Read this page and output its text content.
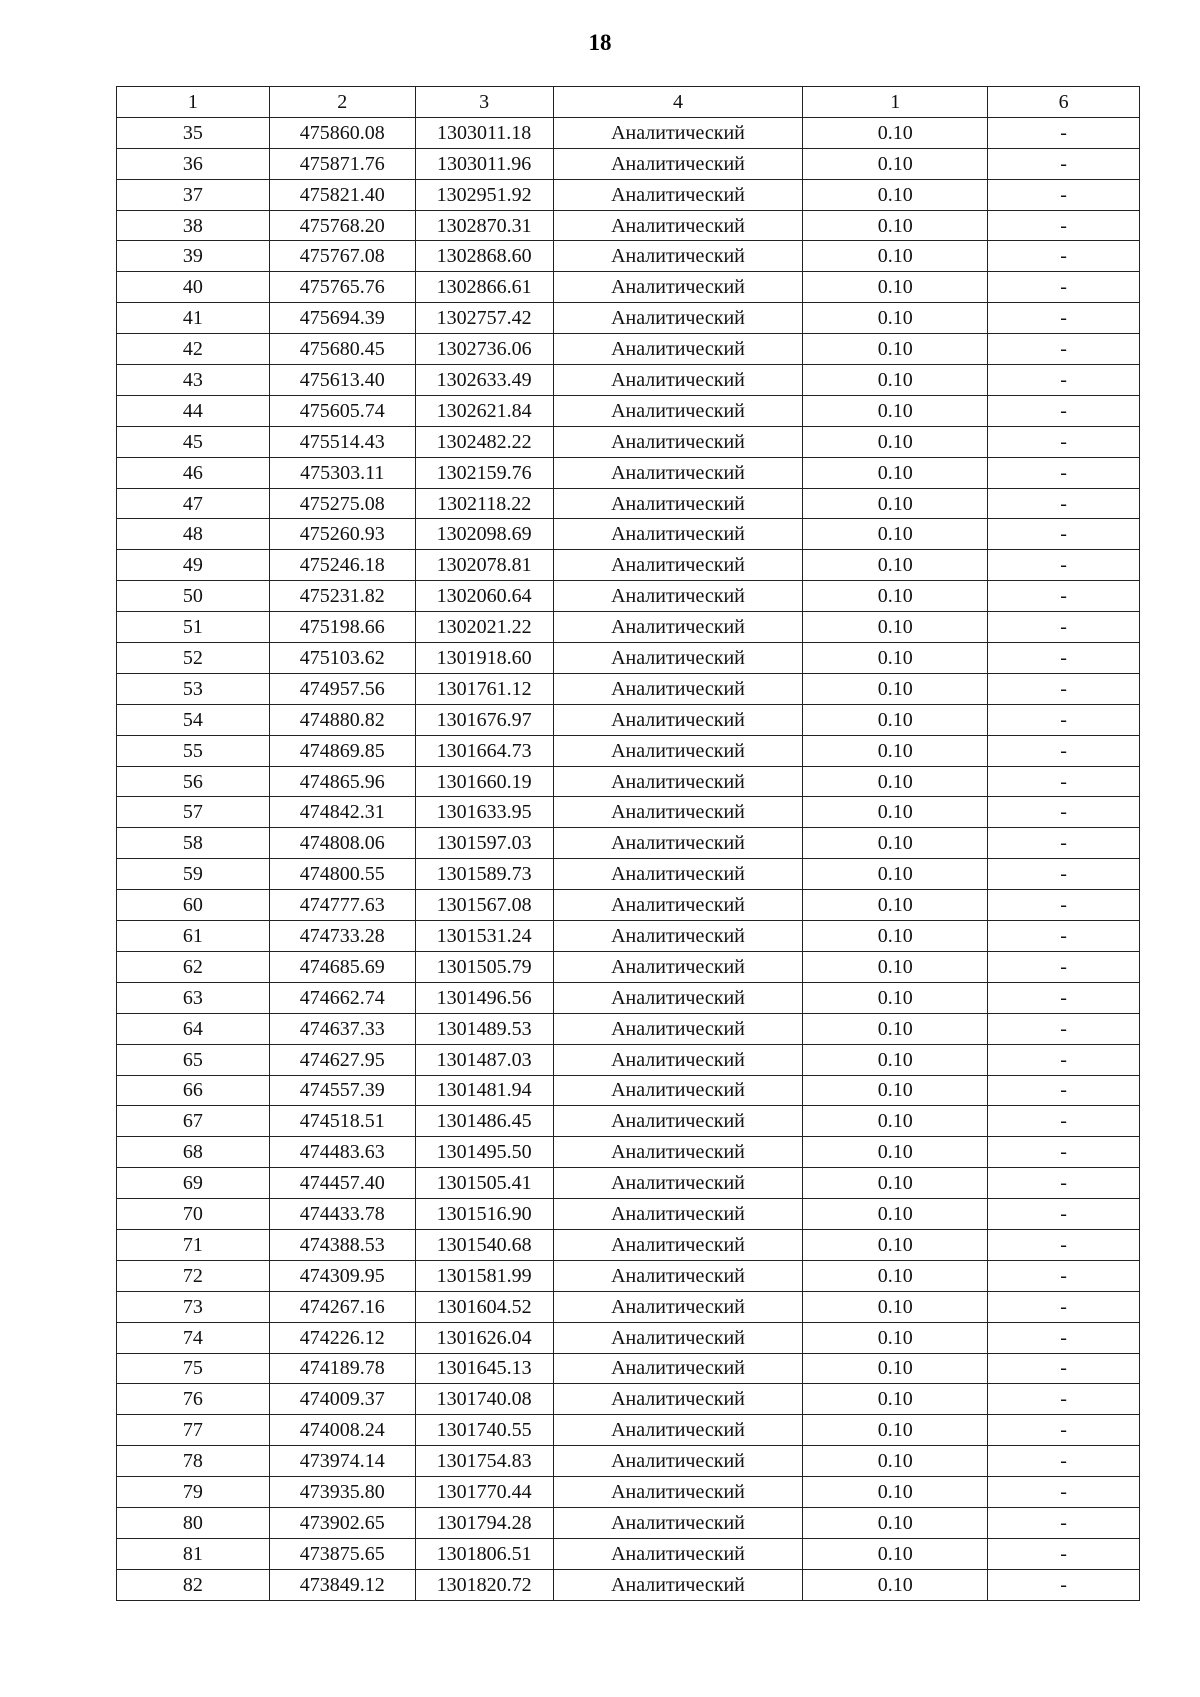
18
1	2	3	4	1	6
35	475860.08	1303011.18	Аналитический	0.10	-
36	475871.76	1303011.96	Аналитический	0.10	-
37	475821.40	1302951.92	Аналитический	0.10	-
38	475768.20	1302870.31	Аналитический	0.10	-
39	475767.08	1302868.60	Аналитический	0.10	-
40	475765.76	1302866.61	Аналитический	0.10	-
41	475694.39	1302757.42	Аналитический	0.10	-
42	475680.45	1302736.06	Аналитический	0.10	-
43	475613.40	1302633.49	Аналитический	0.10	-
44	475605.74	1302621.84	Аналитический	0.10	-
45	475514.43	1302482.22	Аналитический	0.10	-
46	475303.11	1302159.76	Аналитический	0.10	-
47	475275.08	1302118.22	Аналитический	0.10	-
48	475260.93	1302098.69	Аналитический	0.10	-
49	475246.18	1302078.81	Аналитический	0.10	-
50	475231.82	1302060.64	Аналитический	0.10	-
51	475198.66	1302021.22	Аналитический	0.10	-
52	475103.62	1301918.60	Аналитический	0.10	-
53	474957.56	1301761.12	Аналитический	0.10	-
54	474880.82	1301676.97	Аналитический	0.10	-
55	474869.85	1301664.73	Аналитический	0.10	-
56	474865.96	1301660.19	Аналитический	0.10	-
57	474842.31	1301633.95	Аналитический	0.10	-
58	474808.06	1301597.03	Аналитический	0.10	-
59	474800.55	1301589.73	Аналитический	0.10	-
60	474777.63	1301567.08	Аналитический	0.10	-
61	474733.28	1301531.24	Аналитический	0.10	-
62	474685.69	1301505.79	Аналитический	0.10	-
63	474662.74	1301496.56	Аналитический	0.10	-
64	474637.33	1301489.53	Аналитический	0.10	-
65	474627.95	1301487.03	Аналитический	0.10	-
66	474557.39	1301481.94	Аналитический	0.10	-
67	474518.51	1301486.45	Аналитический	0.10	-
68	474483.63	1301495.50	Аналитический	0.10	-
69	474457.40	1301505.41	Аналитический	0.10	-
70	474433.78	1301516.90	Аналитический	0.10	-
71	474388.53	1301540.68	Аналитический	0.10	-
72	474309.95	1301581.99	Аналитический	0.10	-
73	474267.16	1301604.52	Аналитический	0.10	-
74	474226.12	1301626.04	Аналитический	0.10	-
75	474189.78	1301645.13	Аналитический	0.10	-
76	474009.37	1301740.08	Аналитический	0.10	-
77	474008.24	1301740.55	Аналитический	0.10	-
78	473974.14	1301754.83	Аналитический	0.10	-
79	473935.80	1301770.44	Аналитический	0.10	-
80	473902.65	1301794.28	Аналитический	0.10	-
81	473875.65	1301806.51	Аналитический	0.10	-
82	473849.12	1301820.72	Аналитический	0.10	-
